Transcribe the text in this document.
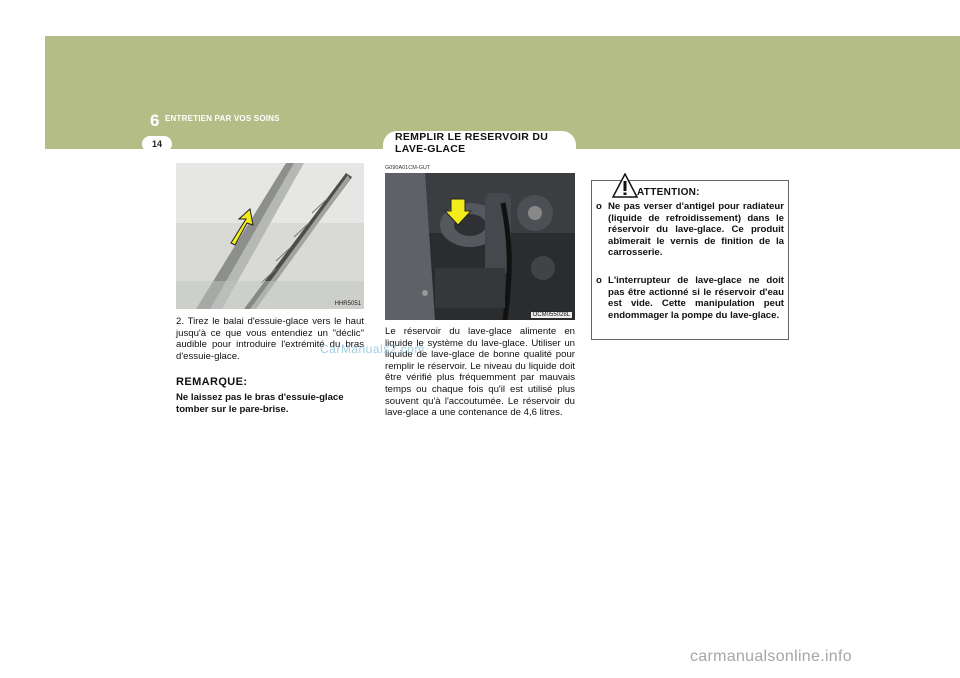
6 ENTRETIEN PAR VOS SOINS
14
HHR5051
OCM055028L
REMPLIR LE RESERVOIR DU LAVE-GLACE
G090A01CM-GUT
2. Tirez le balai d'essuie-glace vers le haut jusqu'à ce que vous entendiez un "déclic" audible pour introduire l'extrémité du bras d'essuie-glace.
REMARQUE:
Ne laissez pas le bras d'essuie-glace tomber sur le pare-brise.
Le réservoir du lave-glace alimente en liquide le système du lave-glace. Utiliser un liquide de lave-glace de bonne qualité pour remplir le réservoir. Le niveau du liquide doit être vérifié plus fréquemment par mauvais temps ou chaque fois qu'il est utilisé plus souvent qu'à l'accoutumée. Le réservoir du lave-glace a une contenance de 4,6 litres.
ATTENTION:
o Ne pas verser d'antigel pour radiateur (liquide de refroidissement) dans le réservoir du lave-glace. Ce produit abîmerait le vernis de finition de la carrosserie.
o L'interrupteur de lave-glace ne doit pas être actionné si le réservoir d'eau est vide. Cette manipulation peut endommager la pompe du lave-glace.
CarManuals2.com
carmanualsonline.info
